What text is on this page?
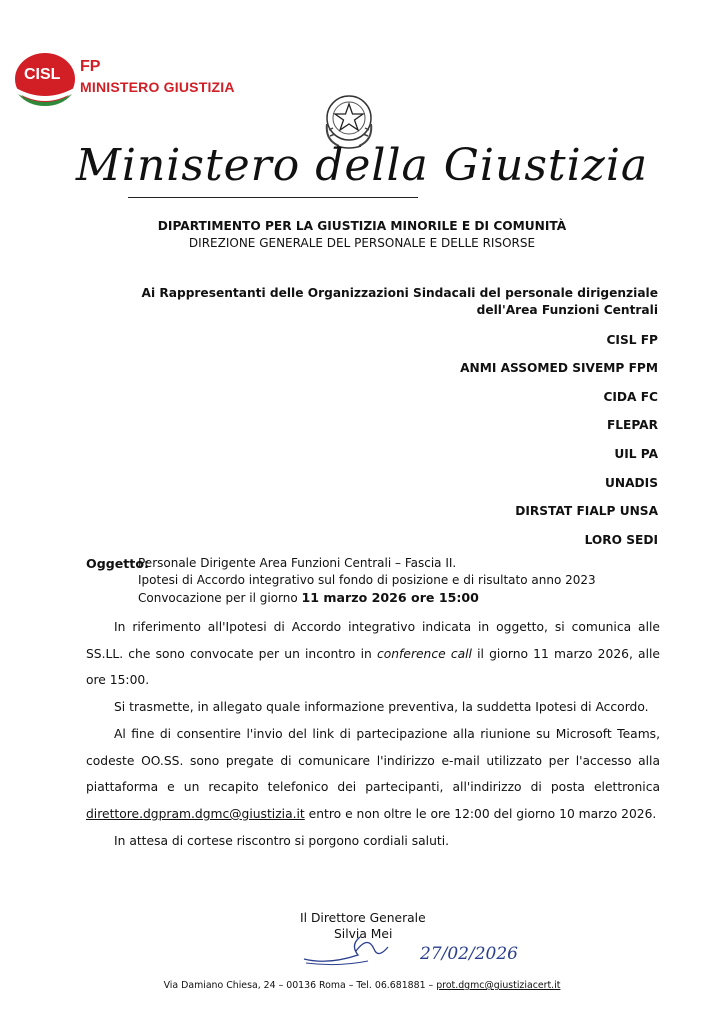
CISL FP
MINISTERO GIUSTIZIA
Ministero della Giustizia
DIPARTIMENTO PER LA GIUSTIZIA MINORILE E DI COMUNITÀ
DIREZIONE GENERALE DEL PERSONALE E DELLE RISORSE
Ai Rappresentanti delle Organizzazioni Sindacali del personale dirigenziale
dell'Area Funzioni Centrali
CISL FP
ANMI ASSOMED SIVEMP FPM
CIDA FC
FLEPAR
UIL PA
UNADIS
DIRSTAT FIALP UNSA
LORO SEDI
Oggetto:
Personale Dirigente Area Funzioni Centrali – Fascia II.
Ipotesi di Accordo integrativo sul fondo di posizione e di risultato anno 2023
Convocazione per il giorno 11 marzo 2026 ore 15:00

In riferimento all'Ipotesi di Accordo integrativo indicata in oggetto, si comunica alle SS.LL. che sono convocate per un incontro in conference call il giorno 11 marzo 2026, alle ore 15:00.

Si trasmette, in allegato quale informazione preventiva, la suddetta Ipotesi di Accordo.

Al fine di consentire l'invio del link di partecipazione alla riunione su Microsoft Teams, codeste OO.SS. sono pregate di comunicare l'indirizzo e-mail utilizzato per l'accesso alla piattaforma e un recapito telefonico dei partecipanti, all'indirizzo di posta elettronica direttore.dgpram.dgmc@giustizia.it entro e non oltre le ore 12:00 del giorno 10 marzo 2026.

In attesa di cortese riscontro si porgono cordiali saluti.

Il Direttore Generale
Silvia Mei
27/02/2026
Via Damiano Chiesa, 24 – 00136 Roma – Tel. 06.681881 – prot.dgmc@giustiziacert.it
